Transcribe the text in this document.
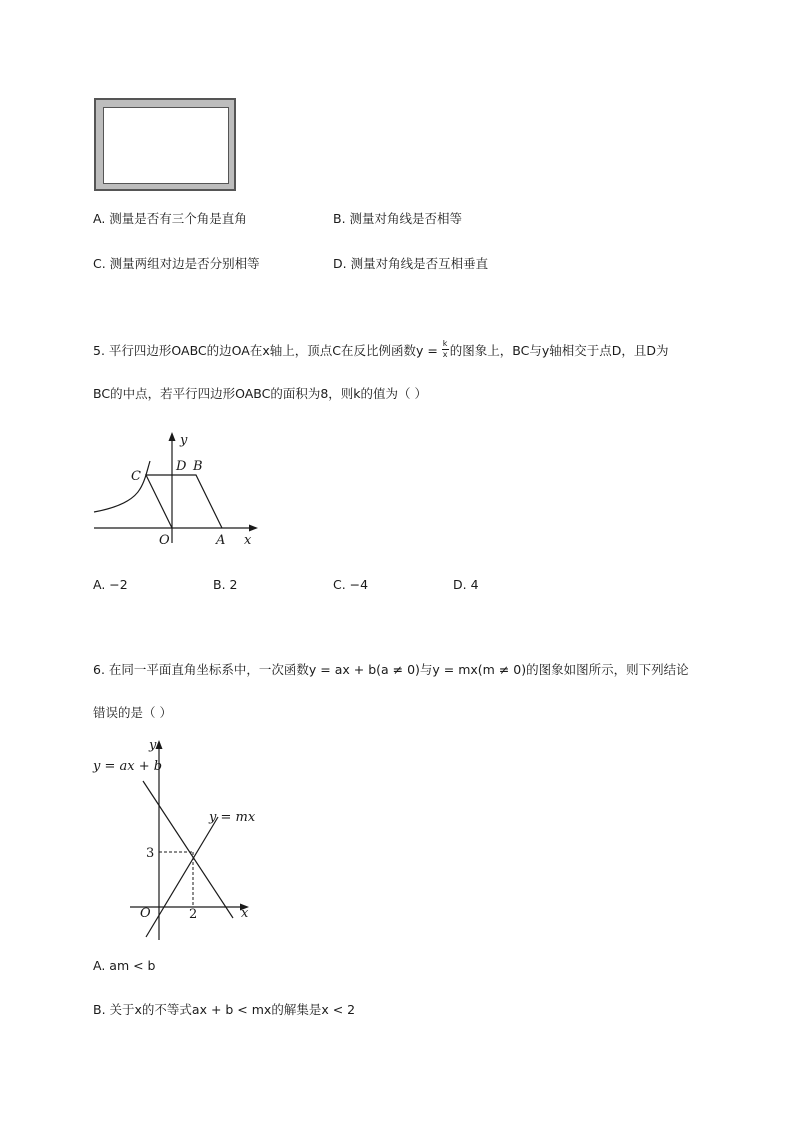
A. 测量是否有三个角是直角	B. 测量对角线是否相等
C. 测量两组对边是否分别相等	D. 测量对角线是否互相垂直
5. 平行四边形OABC的边OA在x轴上，顶点C在反比例函数$y = \frac{k}{x}$ 的图象上，BC与y轴相交于点D，且D为
BC的中点，若平行四边形OABC的面积为8，则k的值为（ ）
y
x
C
D B
O	A
A. −2	B. 2	C. −4	D. 4
6. 在同一平面直角坐标系中，一次函数y = ax + b(a ≠ 0)与y = mx(m ≠ 0)的图象如图所示，则下列结论
错误的是（ ）
y
x
O
y = ax + b
y = mx
3
2
A. am < b
B. 关于x的不等式ax + b < mx的解集是x < 2
